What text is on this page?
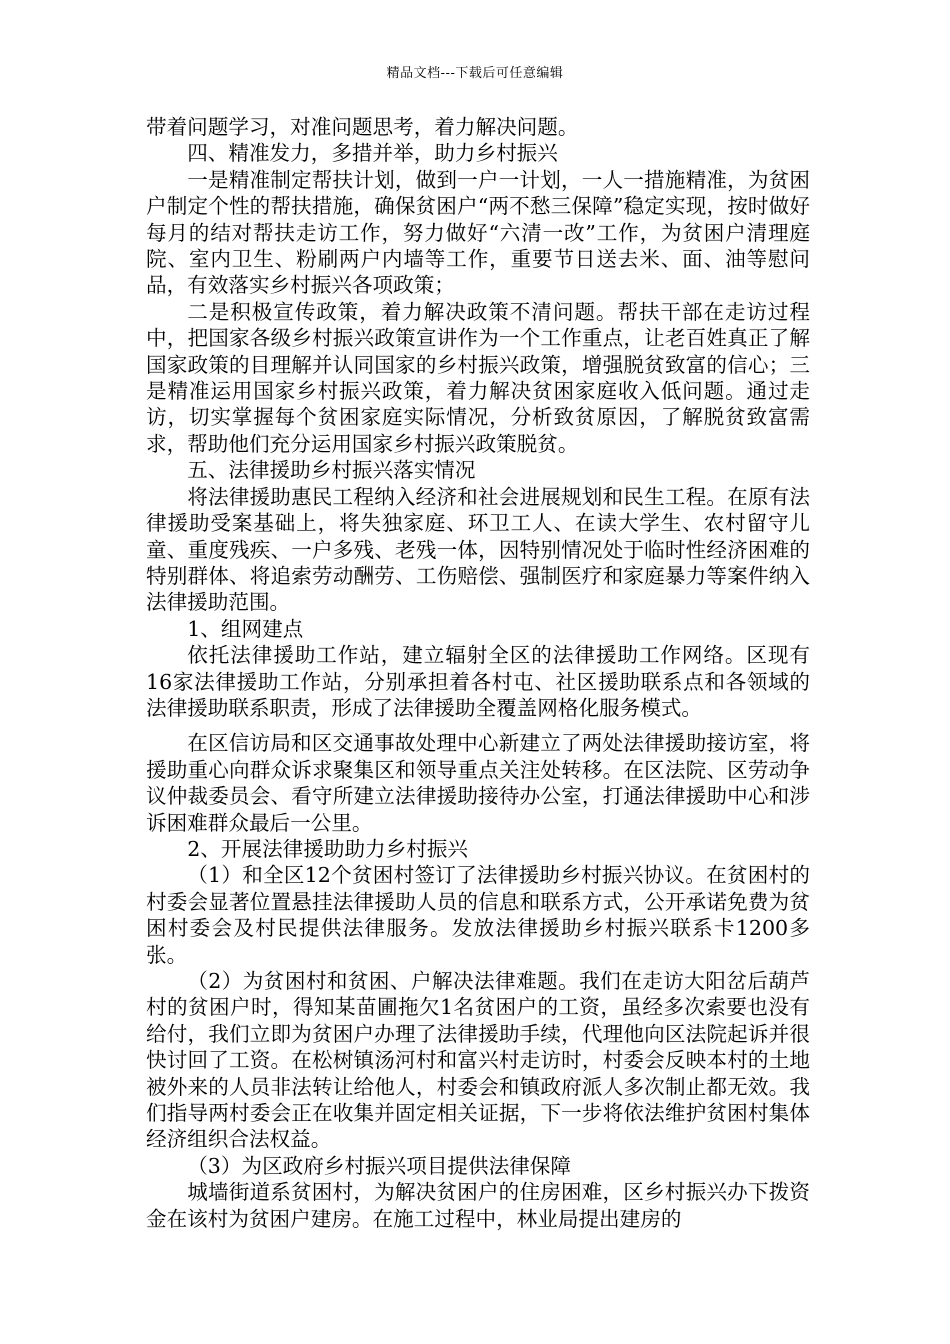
精品文档---下载后可任意编辑

带着问题学习，对准问题思考，着力解决问题。

四、精准发力，多措并举，助力乡村振兴

一是精准制定帮扶计划，做到一户一计划，一人一措施精准，为贫困户制定个性的帮扶措施，确保贫困户“两不愁三保障”稳定实现，按时做好每月的结对帮扶走访工作，努力做好“六清一改”工作，为贫困户清理庭院、室内卫生、粉刷两户内墙等工作，重要节日送去米、面、油等慰问品，有效落实乡村振兴各项政策；

二是积极宣传政策，着力解决政策不清问题。帮扶干部在走访过程中，把国家各级乡村振兴政策宣讲作为一个工作重点，让老百姓真正了解国家政策的目理解并认同国家的乡村振兴政策，增强脱贫致富的信心；三是精准运用国家乡村振兴政策，着力解决贫困家庭收入低问题。通过走访，切实掌握每个贫困家庭实际情况，分析致贫原因，了解脱贫致富需求，帮助他们充分运用国家乡村振兴政策脱贫。

五、法律援助乡村振兴落实情况

将法律援助惠民工程纳入经济和社会进展规划和民生工程。在原有法律援助受案基础上，将失独家庭、环卫工人、在读大学生、农村留守儿童、重度残疾、一户多残、老残一体，因特别情况处于临时性经济困难的特别群体、将追索劳动酬劳、工伤赔偿、强制医疗和家庭暴力等案件纳入法律援助范围。

1、组网建点

依托法律援助工作站，建立辐射全区的法律援助工作网络。区现有16家法律援助工作站，分别承担着各村屯、社区援助联系点和各领域的法律援助联系职责，形成了法律援助全覆盖网格化服务模式。

在区信访局和区交通事故处理中心新建立了两处法律援助接访室，将援助重心向群众诉求聚集区和领导重点关注处转移。在区法院、区劳动争议仲裁委员会、看守所建立法律援助接待办公室，打通法律援助中心和涉诉困难群众最后一公里。

2、开展法律援助助力乡村振兴

（1）和全区12个贫困村签订了法律援助乡村振兴协议。在贫困村的村委会显著位置悬挂法律援助人员的信息和联系方式，公开承诺免费为贫困村委会及村民提供法律服务。发放法律援助乡村振兴联系卡1200多张。

（2）为贫困村和贫困、户解决法律难题。我们在走访大阳岔后葫芦村的贫困户时，得知某苗圃拖欠1名贫困户的工资，虽经多次索要也没有给付，我们立即为贫困户办理了法律援助手续，代理他向区法院起诉并很快讨回了工资。在松树镇汤河村和富兴村走访时，村委会反映本村的土地被外来的人员非法转让给他人，村委会和镇政府派人多次制止都无效。我们指导两村委会正在收集并固定相关证据，下一步将依法维护贫困村集体经济组织合法权益。

（3）为区政府乡村振兴项目提供法律保障

城墙街道系贫困村，为解决贫困户的住房困难，区乡村振兴办下拨资金在该村为贫困户建房。在施工过程中，林业局提出建房的
